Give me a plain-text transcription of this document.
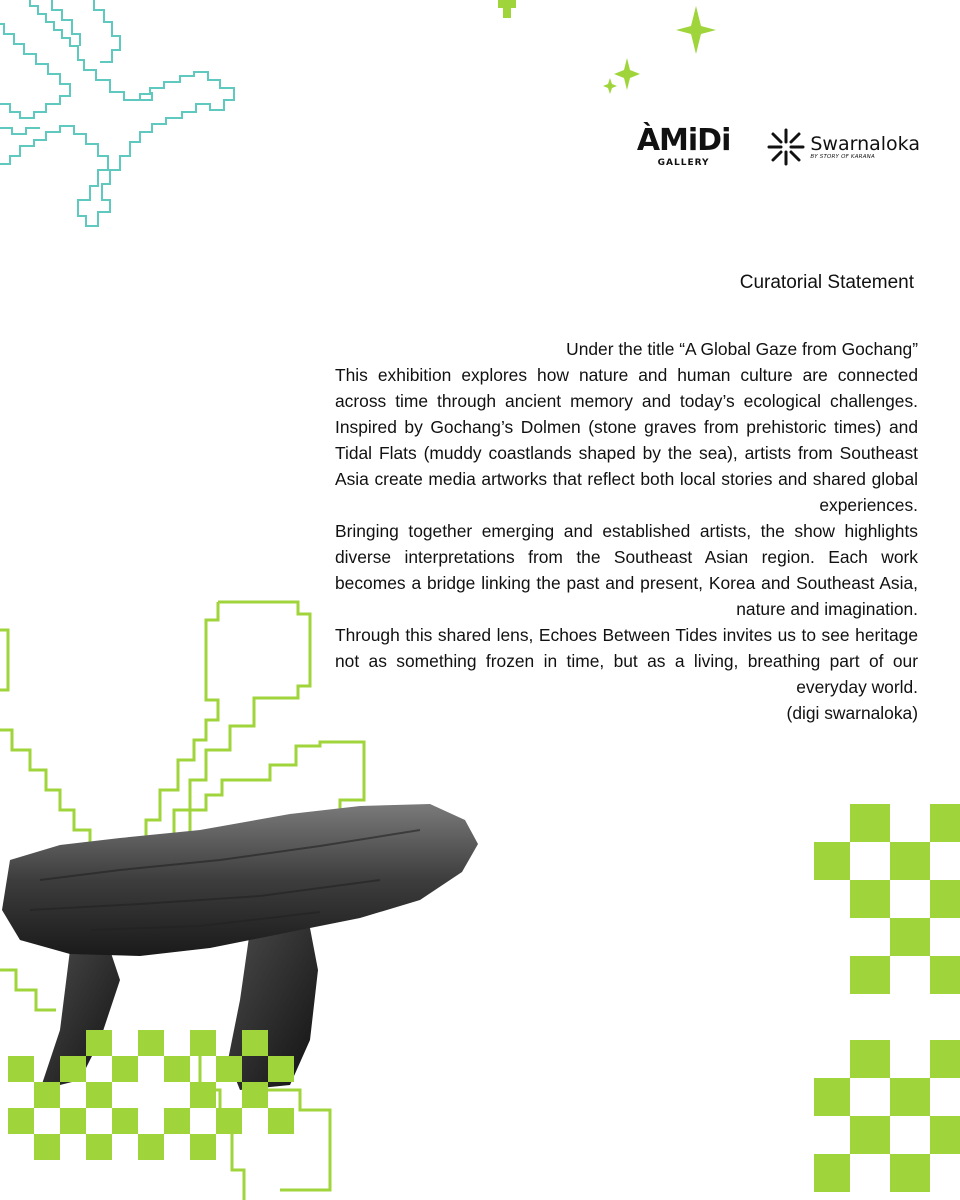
ÀMiDi
GALLERY
Swarnaloka
BY STORY OF KARANA
Curatorial Statement

Under the title “A Global Gaze from Gochang”

This exhibition explores how nature and human culture are connected across time through ancient memory and today’s ecological challenges. Inspired by Gochang’s Dolmen (stone graves from prehistoric times) and Tidal Flats (muddy coastlands shaped by the sea), artists from Southeast Asia create media artworks that reflect both local stories and shared global experiences.

Bringing together emerging and established artists, the show highlights diverse interpretations from the Southeast Asian region. Each work becomes a bridge linking the past and present, Korea and Southeast Asia, nature and imagination.

Through this shared lens, Echoes Between Tides invites us to see heritage not as something frozen in time, but as a living, breathing part of our everyday world.

(digi swarnaloka)
